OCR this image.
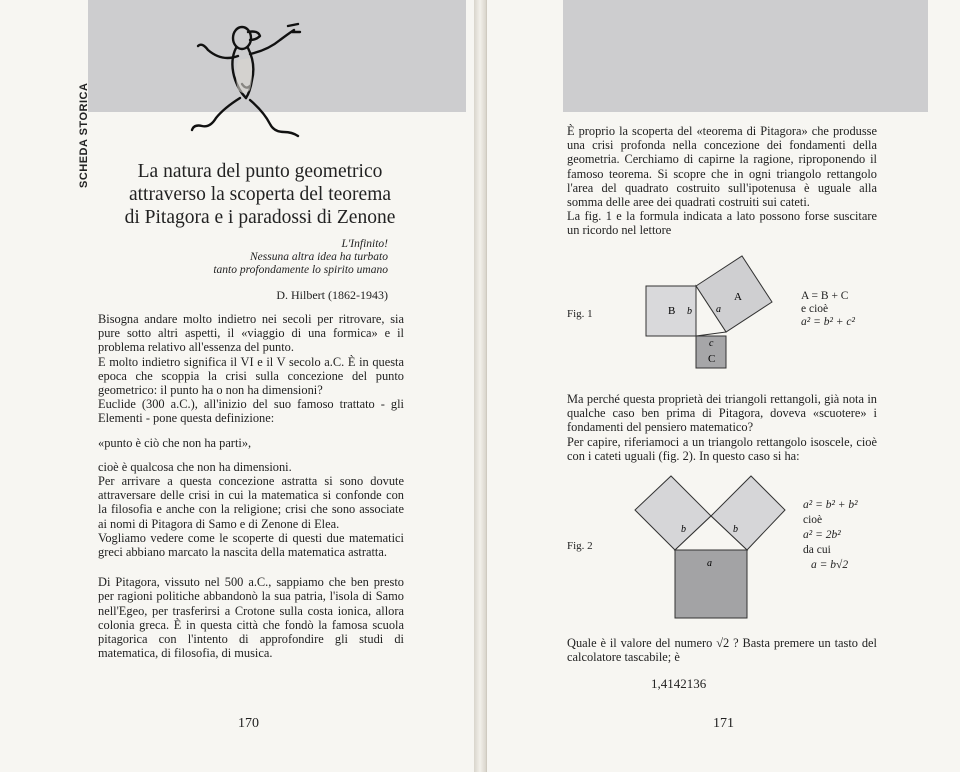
SCHEDA STORICA	La natura del punto geometrico
attraverso la scoperta del teorema
di Pitagora e i paradossi di Zenone
L'Infinito!
Nessuna altra idea ha turbato
tanto profondamente lo spirito umano
D. Hilbert (1862-1943)

Bisogna andare molto indietro nei secoli per ritrovare, sia pure sotto altri aspetti, il «viaggio di una formica» e il problema relativo all'essenza del punto.

E molto indietro significa il VI e il V secolo a.C. È in questa epoca che scoppia la crisi sulla concezione del punto geometrico: il punto ha o non ha dimensioni?

Euclide (300 a.C.), all'inizio del suo famoso trattato - gli Elementi - pone questa definizione:

«punto è ciò che non ha parti»,

cioè è qualcosa che non ha dimensioni.

Per arrivare a questa concezione astratta si sono dovute attraversare delle crisi in cui la matematica si confonde con la filosofia e anche con la religione; crisi che sono associate ai nomi di Pitagora di Samo e di Zenone di Elea.

Vogliamo vedere come le scoperte di questi due matematici greci abbiano marcato la nascita della matematica astratta.

Di Pitagora, vissuto nel 500 a.C., sappiamo che ben presto per ragioni politiche abbandonò la sua patria, l'isola di Samo nell'Egeo, per trasferirsi a Crotone sulla costa ionica, allora colonia greca. È in questa città che fondò la famosa scuola pitagorica con l'intento di approfondire gli studi di matematica, di filosofia, di musica.

170

È proprio la scoperta del «teorema di Pitagora» che produsse una crisi profonda nella concezione dei fondamenti della geometria. Cerchiamo di capirne la ragione, riproponendo il famoso teorema. Si scopre che in ogni triangolo rettangolo l'area del quadrato costruito sull'ipotenusa è uguale alla somma delle aree dei quadrati costruiti sui cateti.

La fig. 1 e la formula indicata a lato possono forse suscitare un ricordo nel lettore

Fig. 1
A
B
C
a
b
c
A = B + C
e cioè
a² = b² + c²

Ma perché questa proprietà dei triangoli rettangoli, già nota in qualche caso ben prima di Pitagora, doveva «scuotere» i fondamenti del pensiero matematico?

Per capire, riferiamoci a un triangolo rettangolo isoscele, cioè con i cateti uguali (fig. 2). In questo caso si ha:

Fig. 2
b	b
a
a² = b² + b²
cioè
a² = 2b²
da cui
a = b√2

Quale è il valore del numero √2 ? Basta premere un tasto del calcolatore tascabile; è

1,4142136
171
